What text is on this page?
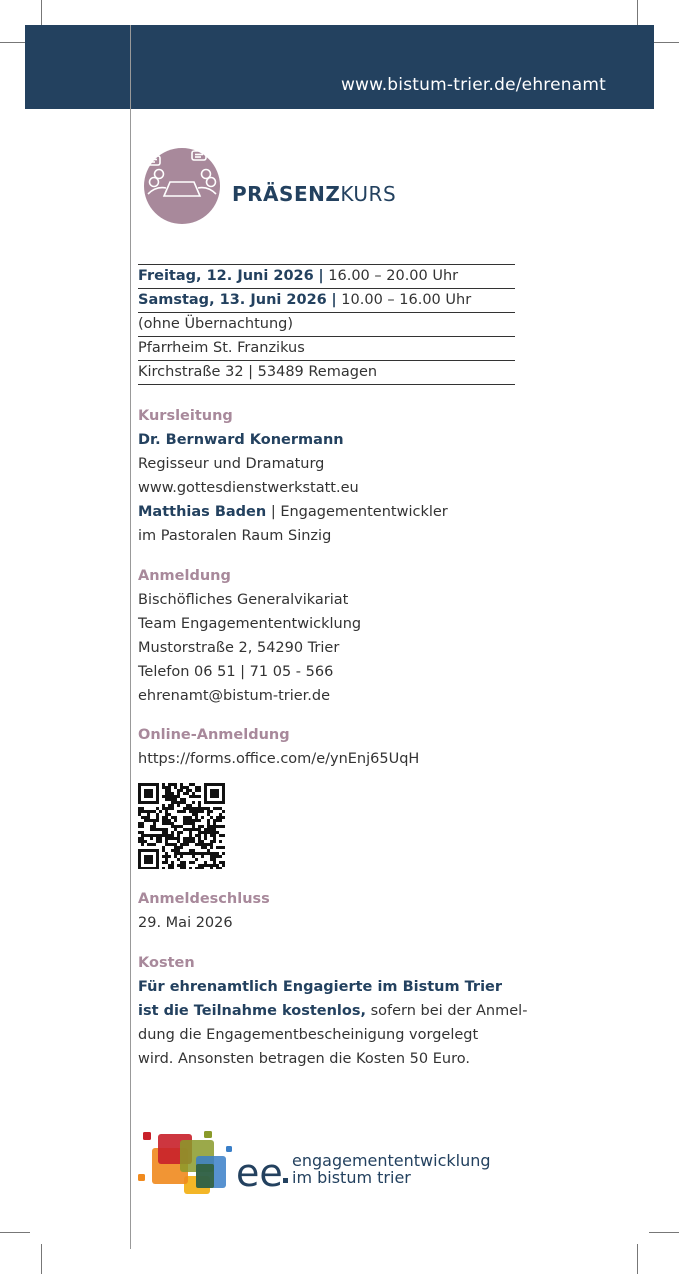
www.bistum-trier.de/ehrenamt
PRÄSENZKURS
Freitag, 12. Juni 2026 | 16.00 – 20.00 Uhr
Samstag, 13. Juni 2026 | 10.00 – 16.00 Uhr
(ohne Übernachtung)
Pfarrheim St. Franzikus
Kirchstraße 32 | 53489 Remagen
Kursleitung
Dr. Bernward Konermann
Regisseur und Dramaturg
www.gottesdienstwerkstatt.eu
Matthias Baden | Engagemententwickler
im Pastoralen Raum Sinzig
Anmeldung
Bischöfliches Generalvikariat
Team Engagemententwicklung
Mustorstraße 2, 54290 Trier
Telefon 06 51 | 71 05 - 566
ehrenamt@bistum-trier.de
Online-Anmeldung
https://forms.office.com/e/ynEnj65UqH
Anmeldeschluss
29. Mai 2026
Kosten
Für ehrenamtlich Engagierte im Bistum Trier
ist die Teilnahme kostenlos, sofern bei der Anmel-
dung die Engagementbescheinigung vorgelegt
wird. Ansonsten betragen die Kosten 50 Euro.
ee engagemententwicklung
im bistum trier
